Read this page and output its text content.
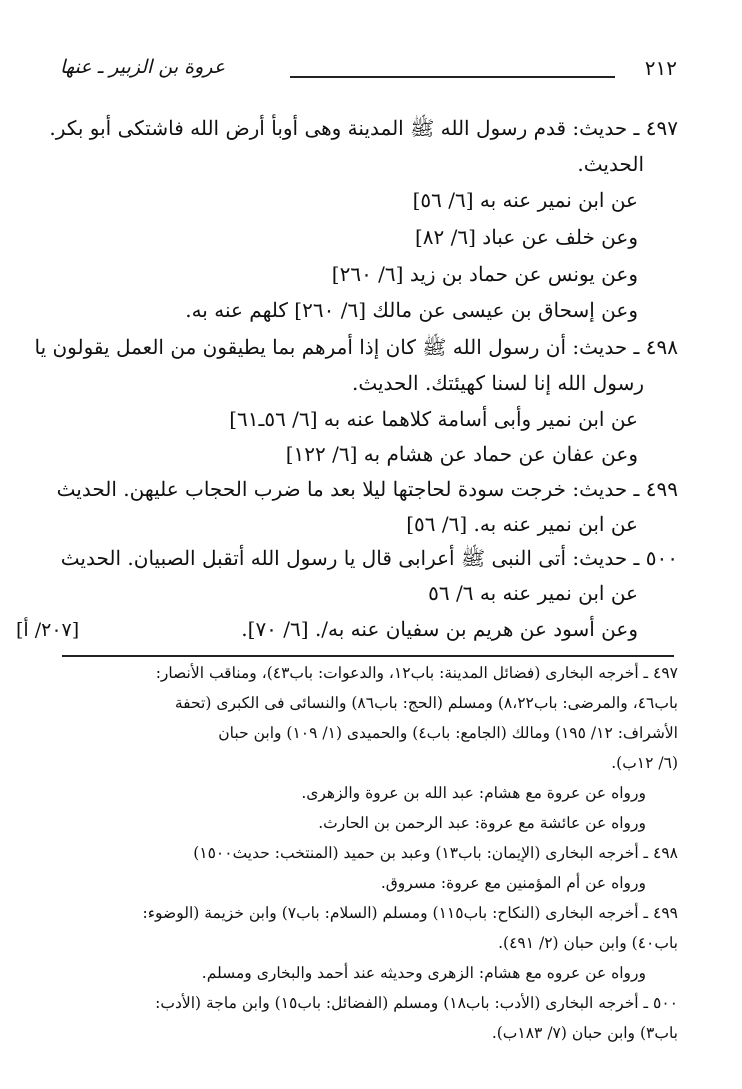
عروة بن الزبير ـ عنها	٢١٢
٤٩٧ ـ حديث: قدم رسول الله ﷺ المدينة وهى أوبأ أرض الله فاشتكى أبو بكر.
الحديث.
عن ابن نمير عنه به [٦/ ٥٦]
وعن خلف عن عباد [٦/ ٨٢]
وعن يونس عن حماد بن زيد [٦/ ٢٦٠]
وعن إسحاق بن عيسى عن مالك [٦/ ٢٦٠] كلهم عنه به.
٤٩٨ ـ حديث: أن رسول الله ﷺ كان إذا أمرهم بما يطيقون من العمل يقولون يا
رسول الله إنا لسنا كهيئتك. الحديث.
عن ابن نمير وأبى أسامة كلاهما عنه به [٦/ ٥٦ـ٦١]
وعن عفان عن حماد عن هشام به [٦/ ١٢٢]
٤٩٩ ـ حديث: خرجت سودة لحاجتها ليلا بعد ما ضرب الحجاب عليهن. الحديث
عن ابن نمير عنه به. [٦/ ٥٦]
٥٠٠ ـ حديث: أتى النبى ﷺ أعرابى قال يا رسول الله أتقبل الصبيان. الحديث
عن ابن نمير عنه به ٦/ ٥٦
وعن أسود عن هريم بن سفيان عنه به/. [٦/ ٧٠].
[٢٠٧/ أ]
٤٩٧ ـ أخرجه البخارى (فضائل المدينة: باب١٢، والدعوات: باب٤٣)، ومناقب الأنصار:
باب٤٦، والمرضى: باب٨،٢٢) ومسلم (الحج: باب٨٦) والنسائى فى الكبرى (تحفة
الأشراف: ١٢/ ١٩٥) ومالك (الجامع: باب٤) والحميدى (١/ ١٠٩) وابن حبان
(٦/ ١٢ب).
ورواه عن عروة مع هشام: عبد الله بن عروة والزهرى.
ورواه عن عائشة مع عروة: عبد الرحمن بن الحارث.
٤٩٨ ـ أخرجه البخارى (الإيمان: باب١٣) وعبد بن حميد (المنتخب: حديث١٥٠٠)
ورواه عن أم المؤمنين مع عروة: مسروق.
٤٩٩ ـ أخرجه البخارى (النكاح: باب١١٥) ومسلم (السلام: باب٧) وابن خزيمة (الوضوء:
باب٤٠) وابن حبان (٢/ ٤٩١).
ورواه عن عروه مع هشام: الزهرى وحديثه عند أحمد والبخارى ومسلم.
٥٠٠ ـ أخرجه البخارى (الأدب: باب١٨) ومسلم (الفضائل: باب١٥) وابن ماجة (الأدب:
باب٣) وابن حبان (٧/ ١٨٣ب).
